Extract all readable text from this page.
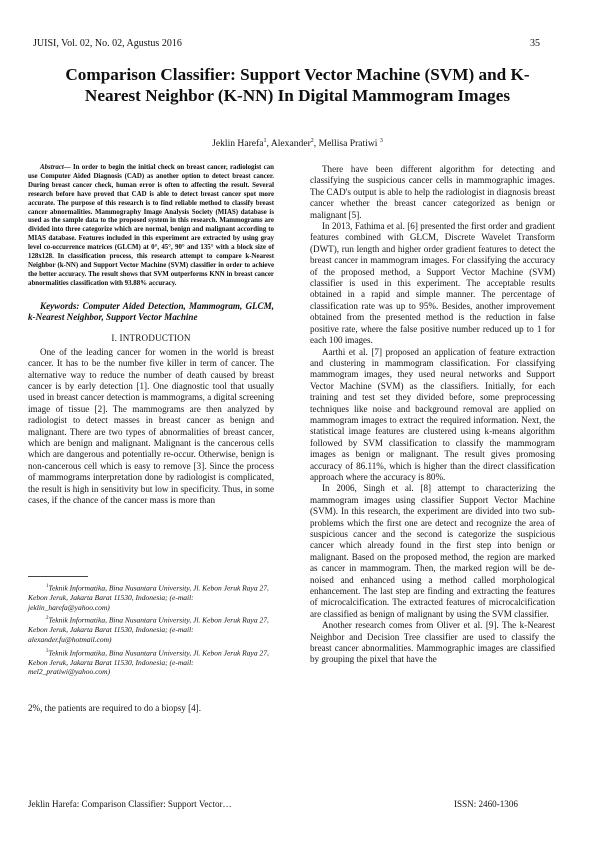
JUISI, Vol. 02, No. 02, Agustus 2016	35
Comparison Classifier: Support Vector Machine (SVM) and K-Nearest Neighbor (K-NN) In Digital Mammogram Images
Jeklin Harefa$^1$, Alexander$^2$, Mellisa Pratiwi $^3$

Abstract— In order to begin the initial check on breast cancer, radiologist can use Computer Aided Diagnosis (CAD) as another option to detect breast cancer. During breast cancer check, human error is often to affecting the result. Several research before have proved that CAD is able to detect breast cancer spot more accurate. The purpose of this research is to find reliable method to classify breast cancer abnormalities. Mammography Image Analysis Society (MIAS) database is used as the sample data to the proposed system in this research. Mammograms are divided into three categorize which are normal, benign and malignant according to MIAS database. Features included in this experiment are extracted by using gray level co-occurrence matrices (GLCM) at 0°, 45°, 90° and 135° with a block size of 128x128. In classification process, this research attempt to compare k-Nearest Neighbor (k-NN) and Support Vector Machine (SVM) classifier in order to achieve the better accuracy. The result shows that SVM outperforms KNN in breast cancer abnormalities classification with 93.88% accuracy.

Keywords: Computer Aided Detection, Mammogram, GLCM, k-Nearest Neighbor, Support Vector Machine

I. INTRODUCTION

One of the leading cancer for women in the world is breast cancer. It has to be the number five killer in term of cancer. The alternative way to reduce the number of death caused by breast cancer is by early detection [1]. One diagnostic tool that usually used in breast cancer detection is mammograms, a digital screening image of tissue [2]. The mammograms are then analyzed by radiologist to detect masses in breast cancer as benign and malignant. There are two types of abnormalities of breast cancer, which are benign and malignant. Malignant is the cancerous cells which are dangerous and potentially re-occur. Otherwise, benign is non-cancerous cell which is easy to remove [3]. Since the process of mammograms interpretation done by radiologist is complicated, the result is high in sensitivity but low in specificity. Thus, in some cases, if the chance of the cancer mass is more than

$^1$Teknik Informatika, Bina Nusantara University, Jl. Kebon Jeruk Raya 27, Kebon Jeruk, Jakarta Barat 11530, Indonesia; (e-mail: jeklin_harefa@yahoo.com)

$^2$Teknik Informatika, Bina Nusantara University, Jl. Kebon Jeruk Raya 27, Kebon Jeruk, Jakarta Barat 11530, Indonesia; (e-mail: alexander.fu@hotmail.com)

$^3$Teknik Informatika, Bina Nusantara University, Jl. Kebon Jeruk Raya 27, Kebon Jeruk, Jakarta Barat 11530, Indonesia; (e-mail: mel2_pratiwi@yahoo.com)

2%, the patients are required to do a biopsy [4].

There have been different algorithm for detecting and classifying the suspicious cancer cells in mammographic images. The CAD's output is able to help the radiologist in diagnosis breast cancer whether the breast cancer categorized as benign or malignant [5].

In 2013, Fathima et al. [6] presented the first order and gradient features combined with GLCM, Discrete Wavelet Transform (DWT), run length and higher order gradient features to detect the breast cancer in mammogram images. For classifying the accuracy of the proposed method, a Support Vector Machine (SVM) classifier is used in this experiment. The acceptable results obtained in a rapid and simple manner. The percentage of classification rate was up to 95%. Besides, another improvement obtained from the presented method is the reduction in false positive rate, where the false positive number reduced up to 1 for each 100 images.

Aarthi et al. [7] proposed an application of feature extraction and clustering in mammogram classification. For classifying mammogram images, they used neural networks and Support Vector Machine (SVM) as the classifiers. Initially, for each training and test set they divided before, some preprocessing techniques like noise and background removal are applied on mammogram images to extract the required information. Next, the statistical image features are clustered using k-means algorithm followed by SVM classification to classify the mammogram images as benign or malignant. The result gives promosing accuracy of 86.11%, which is higher than the direct classification approach where the accuracy is 80%.

In 2006, Singh et al. [8] attempt to characterizing the mammogram images using classifier Support Vector Machine (SVM). In this research, the experiment are divided into two sub-problems which the first one are detect and recognize the area of suspicious cancer and the second is categorize the suspicious cancer which already found in the first step into benign or malignant. Based on the proposed method, the region are marked as cancer in mammogram. Then, the marked region will be de-noised and enhanced using a method called morphological enhancement. The last step are finding and extracting the features of microcalcification. The extracted features of microcalcification are classified as benign of malignant by using the SVM classifier.

Another research comes from Oliver et al. [9]. The k-Nearest Neighbor and Decision Tree classifier are used to classify the breast cancer abnormalities. Mammographic images are classified by grouping the pixel that have the

Jeklin Harefa: Comparison Classifier: Support Vector…	ISSN: 2460-1306
